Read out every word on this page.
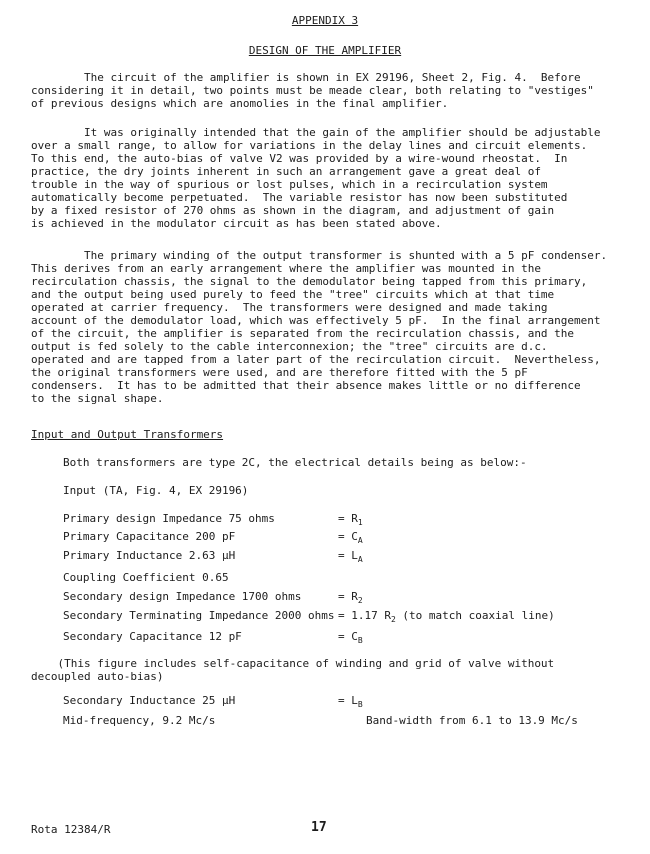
APPENDIX 3
DESIGN OF THE AMPLIFIER

The circuit of the amplifier is shown in EX 29196, Sheet 2, Fig. 4.  Before
considering it in detail, two points must be meade clear, both relating to "vestiges"
of previous designs which are anomolies in the final amplifier.

It was originally intended that the gain of the amplifier should be adjustable
over a small range, to allow for variations in the delay lines and circuit elements.
To this end, the auto-bias of valve V2 was provided by a wire-wound rheostat.  In
practice, the dry joints inherent in such an arrangement gave a great deal of
trouble in the way of spurious or lost pulses, which in a recirculation system
automatically become perpetuated.  The variable resistor has now been substituted
by a fixed resistor of 270 ohms as shown in the diagram, and adjustment of gain
is achieved in the modulator circuit as has been stated above.

The primary winding of the output transformer is shunted with a 5 pF condenser.
This derives from an early arrangement where the amplifier was mounted in the
recirculation chassis, the signal to the demodulator being tapped from this primary,
and the output being used purely to feed the "tree" circuits which at that time
operated at carrier frequency.  The transformers were designed and made taking
account of the demodulator load, which was effectively 5 pF.  In the final arrangement
of the circuit, the amplifier is separated from the recirculation chassis, and the
output is fed solely to the cable interconnexion; the "tree" circuits are d.c.
operated and are tapped from a later part of the recirculation circuit.  Nevertheless,
the original transformers were used, and are therefore fitted with the 5 pF
condensers.  It has to be admitted that their absence makes little or no difference
to the signal shape.

Input and Output Transformers
Both transformers are type 2C, the electrical details being as below:-
Input (TA, Fig. 4, EX 29196)
Primary design Impedance 75 ohms	= $R_1$
Primary Capacitance 200 pF	= $C_A$
Primary Inductance 2.63 μH	= $L_A$
Coupling Coefficient 0.65
Secondary design Impedance 1700 ohms	= $R_2$
Secondary Terminating Impedance 2000 ohms = 1.17 $R_2$ (to match coaxial line)
Secondary Capacitance 12 pF	= $C_B$
(This figure includes self-capacitance of winding and grid of valve without
decoupled auto-bias)
Secondary Inductance 25 μH	= $L_B$
Mid-frequency, 9.2 Mc/s	Band-width from 6.1 to 13.9 Mc/s
Rota 12384/R	17
